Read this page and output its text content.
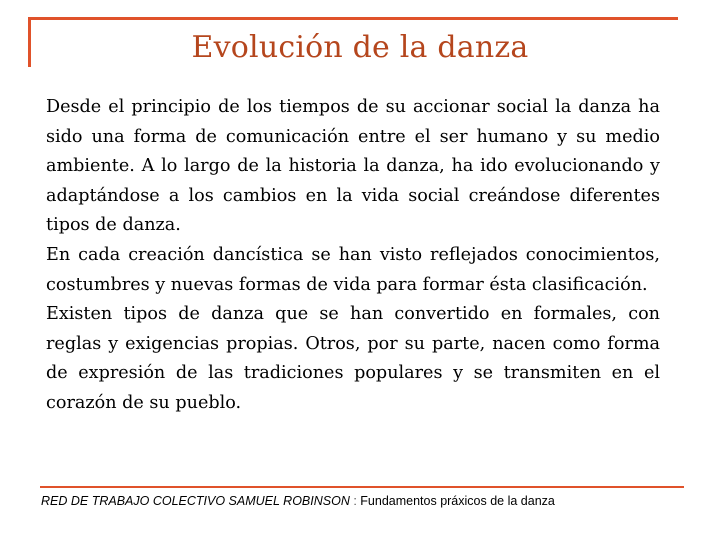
Evolución de la danza

Desde el principio de los tiempos de su accionar social la danza ha sido una forma de comunicación entre el ser humano y su medio ambiente. A lo largo de la historia la danza, ha ido evolucionando y adaptándose a los cambios en la vida social creándose diferentes tipos de danza.

En cada creación dancística se han visto reflejados conocimientos, costumbres y nuevas formas de vida para formar ésta clasificación.

Existen tipos de danza que se han convertido en formales, con reglas y exigencias propias. Otros, por su parte, nacen como forma de expresión de las tradiciones populares y se transmiten en el corazón de su pueblo.

RED DE TRABAJO COLECTIVO SAMUEL ROBINSON : Fundamentos práxicos de la danza
